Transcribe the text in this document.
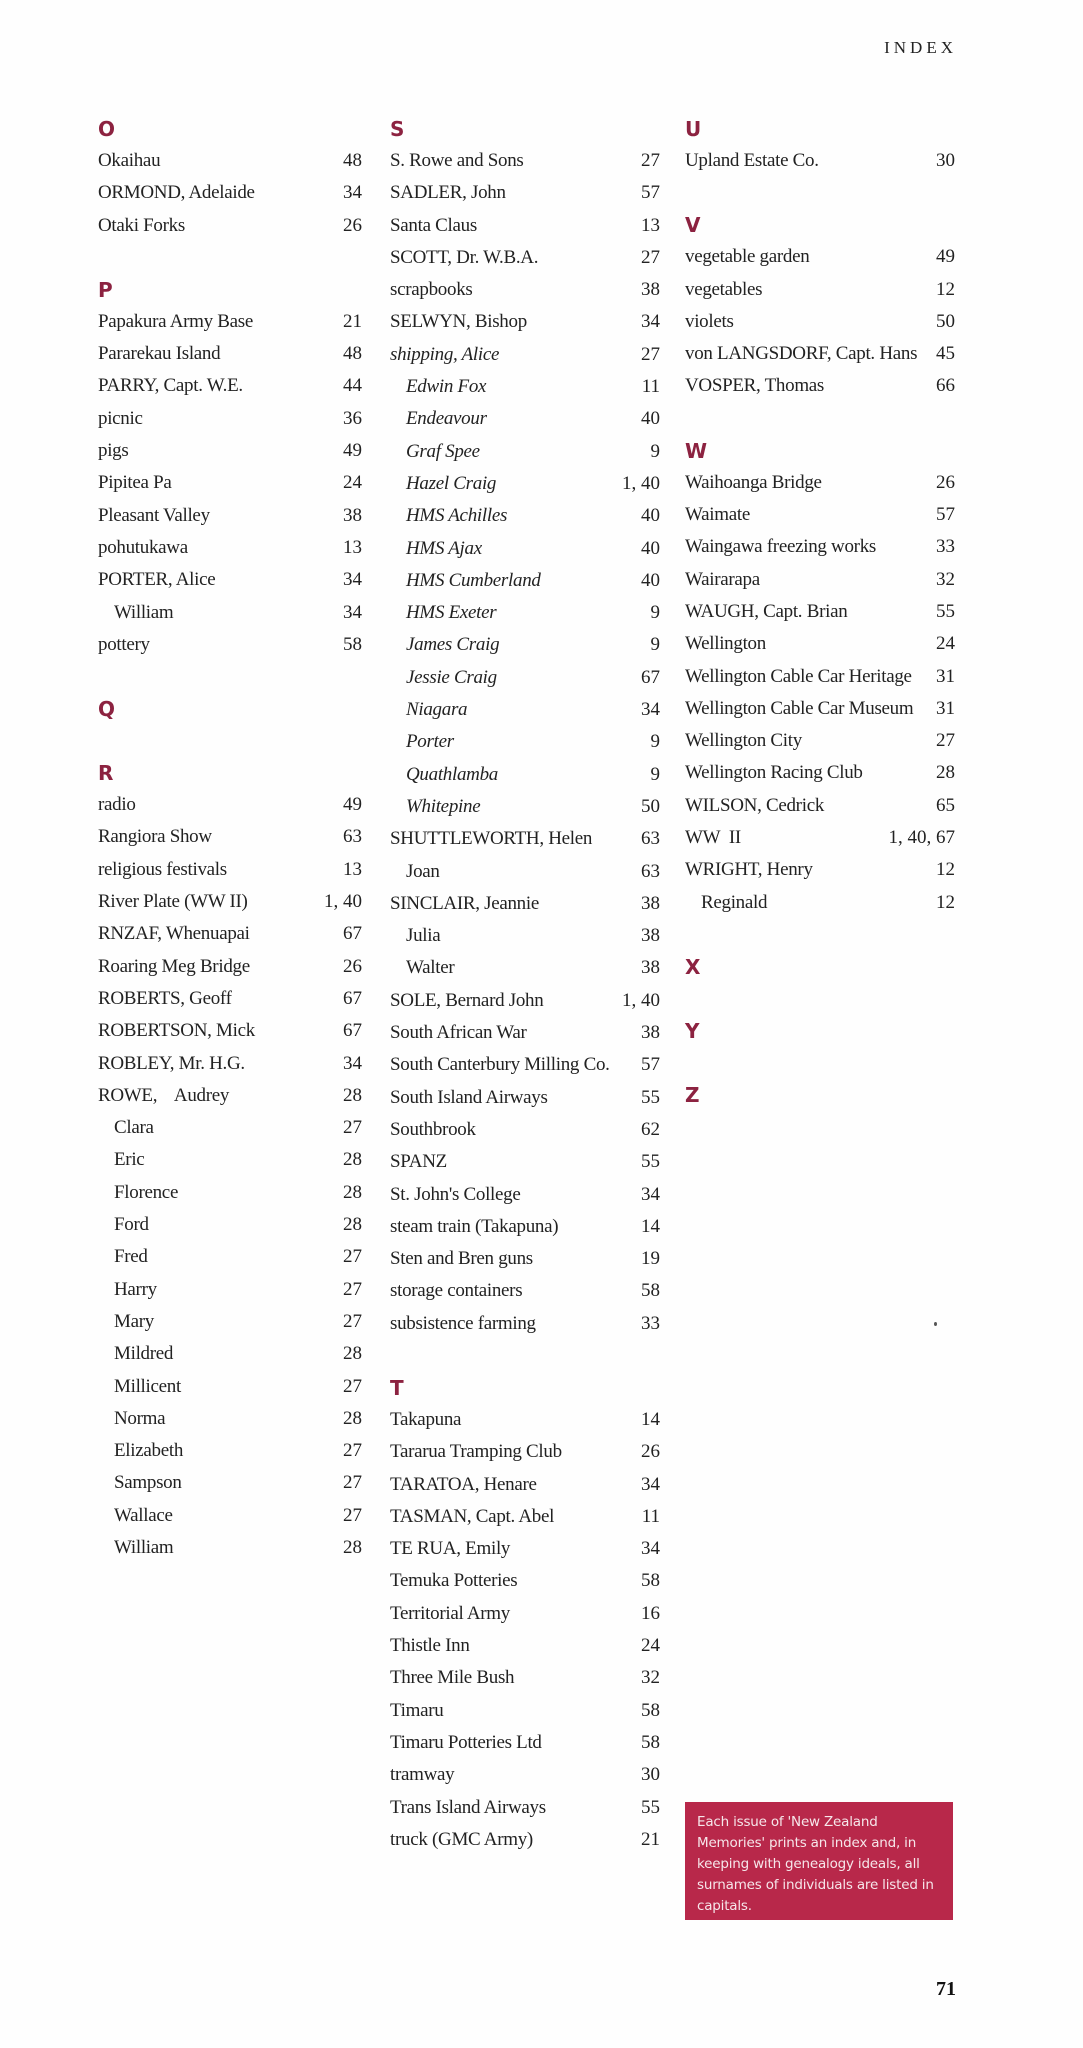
INDEX
O
Okaihau	48
ORMOND, Adelaide	34
Otaki Forks	26
P
Papakura Army Base	21
Pararekau Island	48
PARRY, Capt. W.E.	44
picnic	36
pigs	49
Pipitea Pa	24
Pleasant Valley	38
pohutukawa	13
PORTER, Alice	34
William	34
pottery	58
Q
R
radio	49
Rangiora Show	63
religious festivals	13
River Plate (WW II)	1, 40
RNZAF, Whenuapai	67
Roaring Meg Bridge	26
ROBERTS, Geoff	67
ROBERTSON, Mick	67
ROBLEY, Mr. H.G.	34
ROWE,    Audrey	28
Clara	27
Eric	28
Florence	28
Ford	28
Fred	27
Harry	27
Mary	27
Mildred	28
Millicent	27
Norma	28
Elizabeth	27
Sampson	27
Wallace	27
William	28
S
S. Rowe and Sons	27
SADLER, John	57
Santa Claus	13
SCOTT, Dr. W.B.A.	27
scrapbooks	38
SELWYN, Bishop	34
shipping, Alice	27
Edwin Fox	11
Endeavour	40
Graf Spee	9
Hazel Craig	1, 40
HMS Achilles	40
HMS Ajax	40
HMS Cumberland	40
HMS Exeter	9
James Craig	9
Jessie Craig	67
Niagara	34
Porter	9
Quathlamba	9
Whitepine	50
SHUTTLEWORTH, Helen	63
Joan	63
SINCLAIR, Jeannie	38
Julia	38
Walter	38
SOLE, Bernard John	1, 40
South African War	38
South Canterbury Milling Co. 57
South Island Airways	55
Southbrook	62
SPANZ	55
St. John's College	34
steam train (Takapuna)	14
Sten and Bren guns	19
storage containers	58
subsistence farming	33
T
Takapuna	14
Tararua Tramping Club	26
TARATOA, Henare	34
TASMAN, Capt. Abel	11
TE RUA, Emily	34
Temuka Potteries	58
Territorial Army	16
Thistle Inn	24
Three Mile Bush	32
Timaru	58
Timaru Potteries Ltd	58
tramway	30
Trans Island Airways	55
truck (GMC Army)	21
U
Upland Estate Co.	30
V
vegetable garden	49
vegetables	12
violets	50
von LANGSDORF, Capt. Hans 45
VOSPER, Thomas	66
W
Waihoanga Bridge	26
Waimate	57
Waingawa freezing works	33
Wairarapa	32
WAUGH, Capt. Brian	55
Wellington	24
Wellington Cable Car Heritage 31
Wellington Cable Car Museum 31
Wellington City	27
Wellington Racing Club	28
WILSON, Cedrick	65
WW  II	1, 40, 67
WRIGHT, Henry	12
Reginald	12
X
Y
Z
Each issue of 'New Zealand Memories' prints an index and, in keeping with genealogy ideals, all surnames of individuals are listed in capitals.
71
